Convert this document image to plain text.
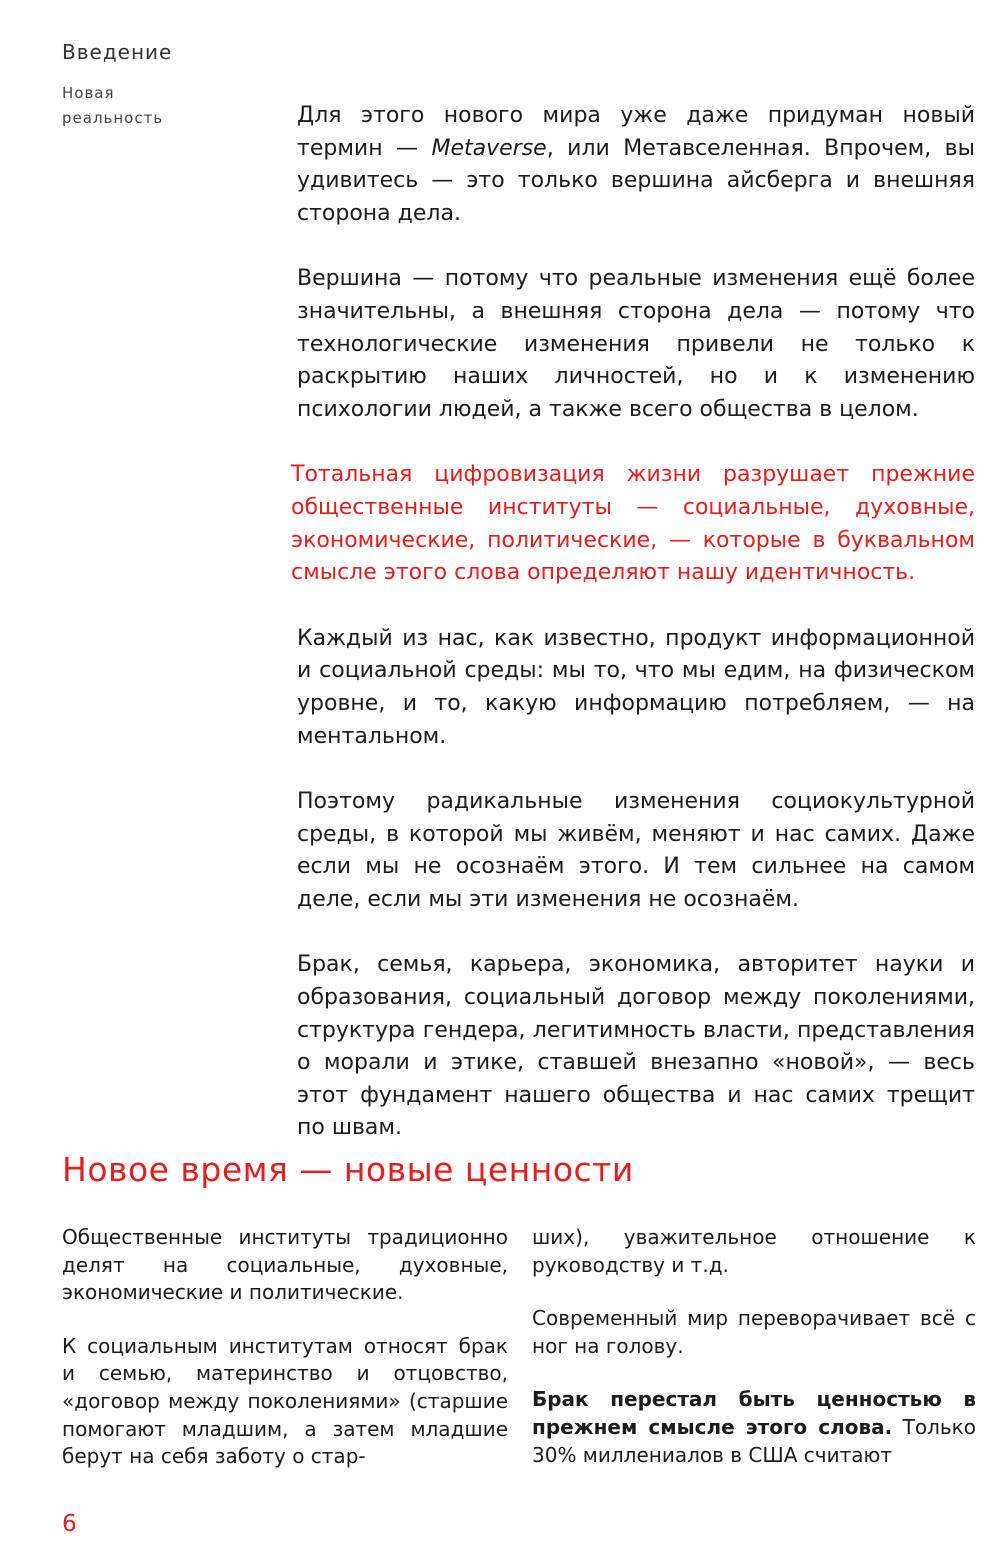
Введение
Новая реальность	Для этого нового мира уже даже придуман новый термин — Metaverse, или Метавселенная. Впрочем, вы удивитесь — это только вершина айсберга и внешняя сторона дела.

Вершина — потому что реальные изменения ещё более значительны, а внешняя сторона дела — потому что технологические изменения привели не только к раскрытию наших личностей, но и к изменению психологии людей, а также всего общества в целом.

Тотальная цифровизация жизни разрушает прежние общественные институты — социальные, духовные, экономические, политические, — которые в буквальном смысле этого слова определяют нашу идентичность.

Каждый из нас, как известно, продукт информационной и социальной среды: мы то, что мы едим, на физическом уровне, и то, какую информацию потребляем, — на ментальном.

Поэтому радикальные изменения социокультурной среды, в которой мы живём, меняют и нас самих. Даже если мы не осознаём этого. И тем сильнее на самом деле, если мы эти изменения не осознаём.

Брак, семья, карьера, экономика, авторитет науки и образования, социальный договор между поколениями, структура гендера, легитимность власти, представления о морали и этике, ставшей внезапно «новой», — весь этот фундамент нашего общества и нас самих трещит по швам.

Новое время — новые ценности

Общественные институты традиционно делят на социальные, духовные, экономические и политические.

К социальным институтам относят брак и семью, материнство и отцовство, «договор между поколениями» (старшие помогают младшим, а затем младшие берут на себя заботу о стар-

ших), уважительное отношение к руководству и т.д.

Современный мир переворачивает всё с ног на голову.

Брак перестал быть ценностью в прежнем смысле этого слова. Только 30% миллениалов в США считают

6
